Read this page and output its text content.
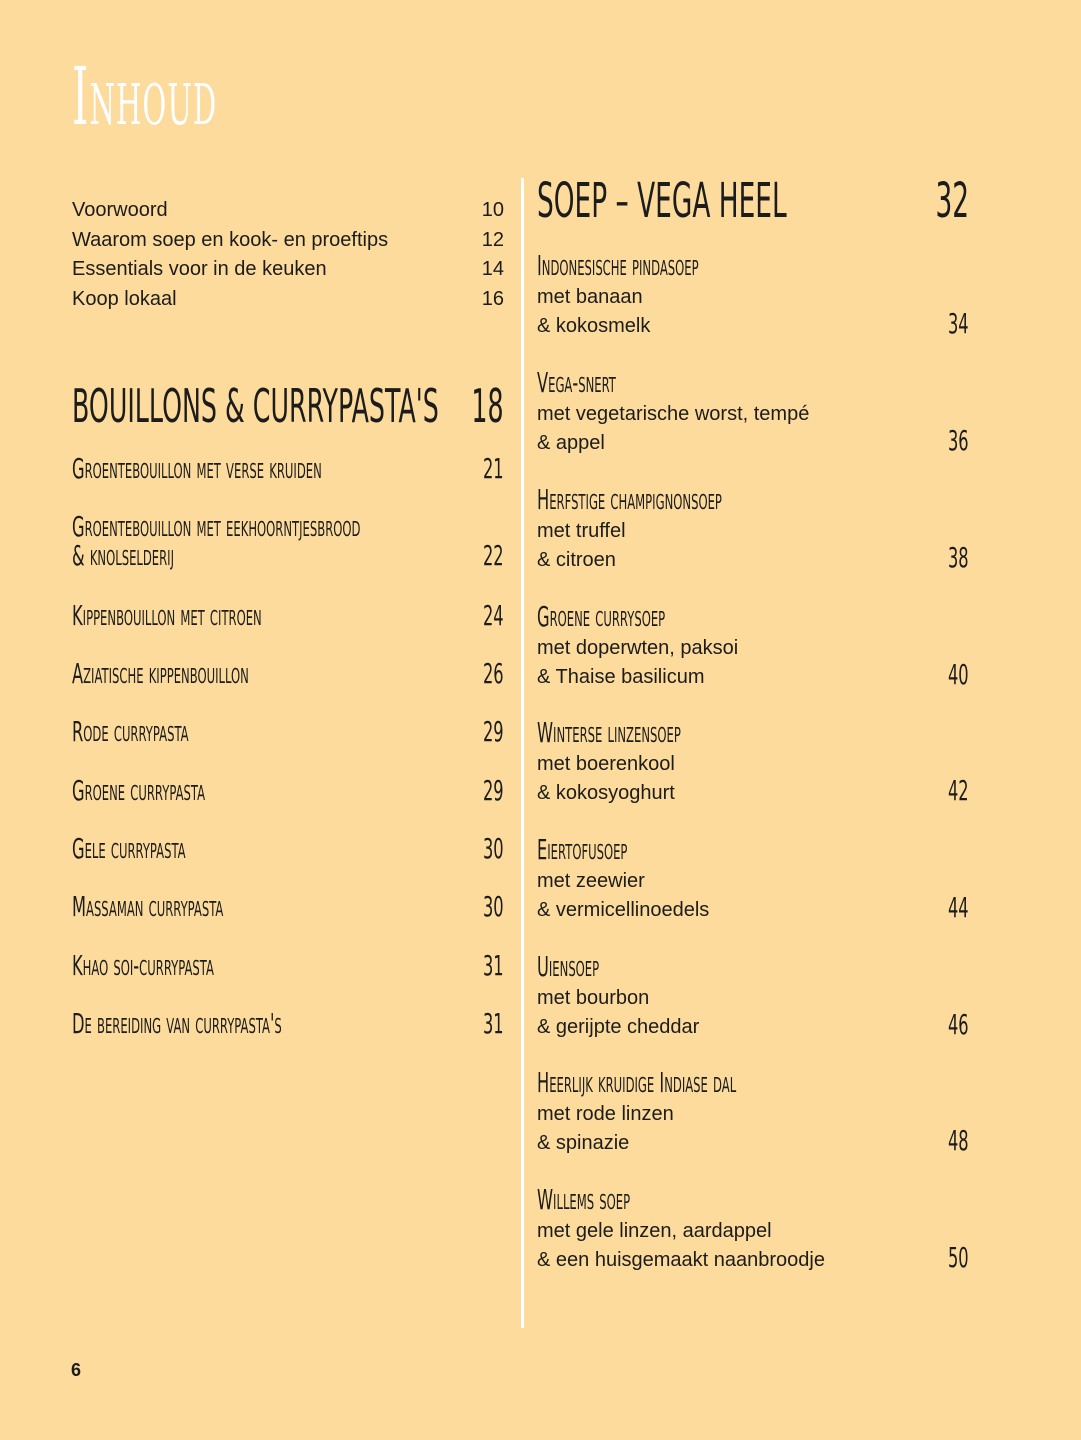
Inhoud
Voorwoord	10
Waarom soep en kook- en proeftips	12
Essentials voor in de keuken	14
Koop lokaal	16
BOUILLONS & CURRYPASTA'S 18
Groentebouillon met verse kruiden	21
Groentebouillon met eekhoorntjesbrood
& knolselderij	22
Kippenbouillon met citroen	24
Aziatische kippenbouillon	26
Rode currypasta	29
Groene currypasta	29
Gele currypasta	30
Massaman currypasta	30
Khao soi-currypasta	31
De bereiding van currypasta's	31
SOEP – VEGA HEEL	32
Indonesische pindasoep
met banaan
& kokosmelk	34
Vega-snert
met vegetarische worst, tempé
& appel	36
Herfstige champignonsoep
met truffel
& citroen	38
Groene currysoep
met doperwten, paksoi
& Thaise basilicum	40
Winterse linzensoep
met boerenkool
& kokosyoghurt	42
Eiertofusoep
met zeewier
& vermicellinoedels	44
Uiensoep
met bourbon
& gerijpte cheddar	46
Heerlijk kruidige Indiase dal
met rode linzen
& spinazie	48
Willems soep
met gele linzen, aardappel
& een huisgemaakt naanbroodje	50
6
